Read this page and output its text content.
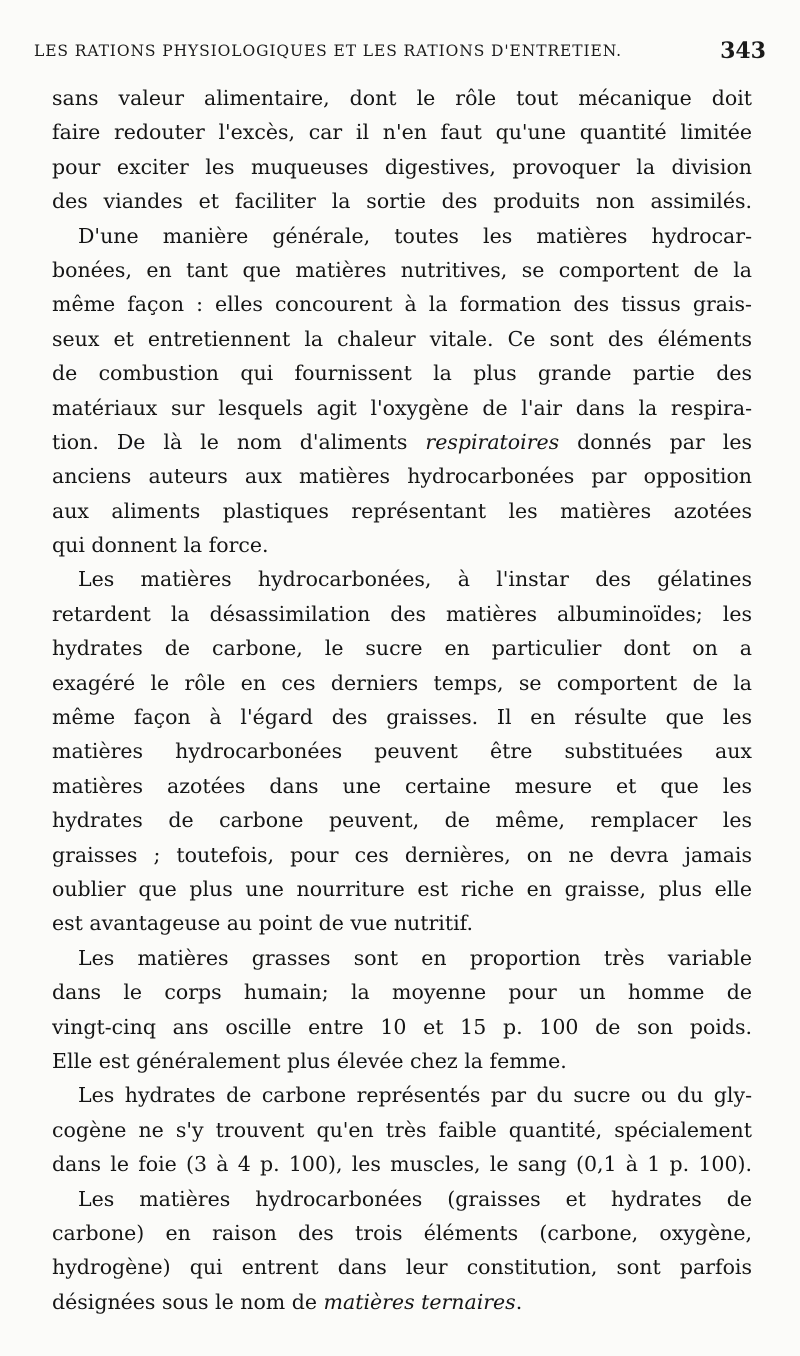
LES RATIONS PHYSIOLOGIQUES ET LES RATIONS D'ENTRETIEN.	343
sans valeur alimentaire, dont le rôle tout mécanique doit
faire redouter l'excès, car il n'en faut qu'une quantité limitée
pour exciter les muqueuses digestives, provoquer la division
des viandes et faciliter la sortie des produits non assimilés.
D'une manière générale, toutes les matières hydrocar-
bonées, en tant que matières nutritives, se comportent de la
même façon : elles concourent à la formation des tissus grais-
seux et entretiennent la chaleur vitale. Ce sont des éléments
de combustion qui fournissent la plus grande partie des
matériaux sur lesquels agit l'oxygène de l'air dans la respira-
tion. De là le nom d'aliments respiratoires donnés par les
anciens auteurs aux matières hydrocarbonées par opposition
aux aliments plastiques représentant les matières azotées
qui donnent la force.
Les matières hydrocarbonées, à l'instar des gélatines
retardent la désassimilation des matières albuminoïdes; les
hydrates de carbone, le sucre en particulier dont on a
exagéré le rôle en ces derniers temps, se comportent de la
même façon à l'égard des graisses. Il en résulte que les
matières hydrocarbonées peuvent être substituées aux
matières azotées dans une certaine mesure et que les
hydrates de carbone peuvent, de même, remplacer les
graisses ; toutefois, pour ces dernières, on ne devra jamais
oublier que plus une nourriture est riche en graisse, plus elle
est avantageuse au point de vue nutritif.
Les matières grasses sont en proportion très variable
dans le corps humain; la moyenne pour un homme de
vingt-cinq ans oscille entre 10 et 15 p. 100 de son poids.
Elle est généralement plus élevée chez la femme.
Les hydrates de carbone représentés par du sucre ou du gly-
cogène ne s'y trouvent qu'en très faible quantité, spécialement
dans le foie (3 à 4 p. 100), les muscles, le sang (0,1 à 1 p. 100).
Les matières hydrocarbonées (graisses et hydrates de
carbone) en raison des trois éléments (carbone, oxygène,
hydrogène) qui entrent dans leur constitution, sont parfois
désignées sous le nom de matières ternaires.
